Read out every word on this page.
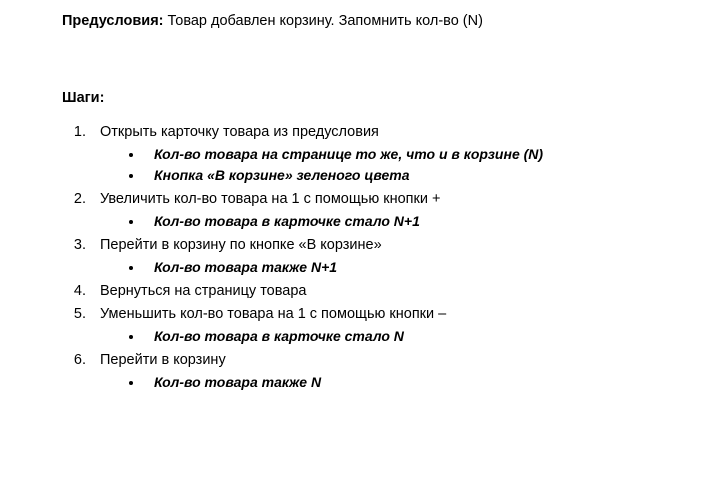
Предусловия: Товар добавлен корзину. Запомнить кол-во (N)

Шаги:

1. Открыть карточку товара из предусловия
• Кол-во товара на странице то же, что и в корзине (N)
• Кнопка «В корзине» зеленого цвета
2. Увеличить кол-во товара на 1 с помощью кнопки +
• Кол-во товара в карточке стало N+1
3. Перейти в корзину по кнопке «В корзине»
• Кол-во товара также N+1
4. Вернуться на страницу товара
5. Уменьшить кол-во товара на 1 с помощью кнопки –
• Кол-во товара в карточке стало N
6. Перейти в корзину
• Кол-во товара также N
